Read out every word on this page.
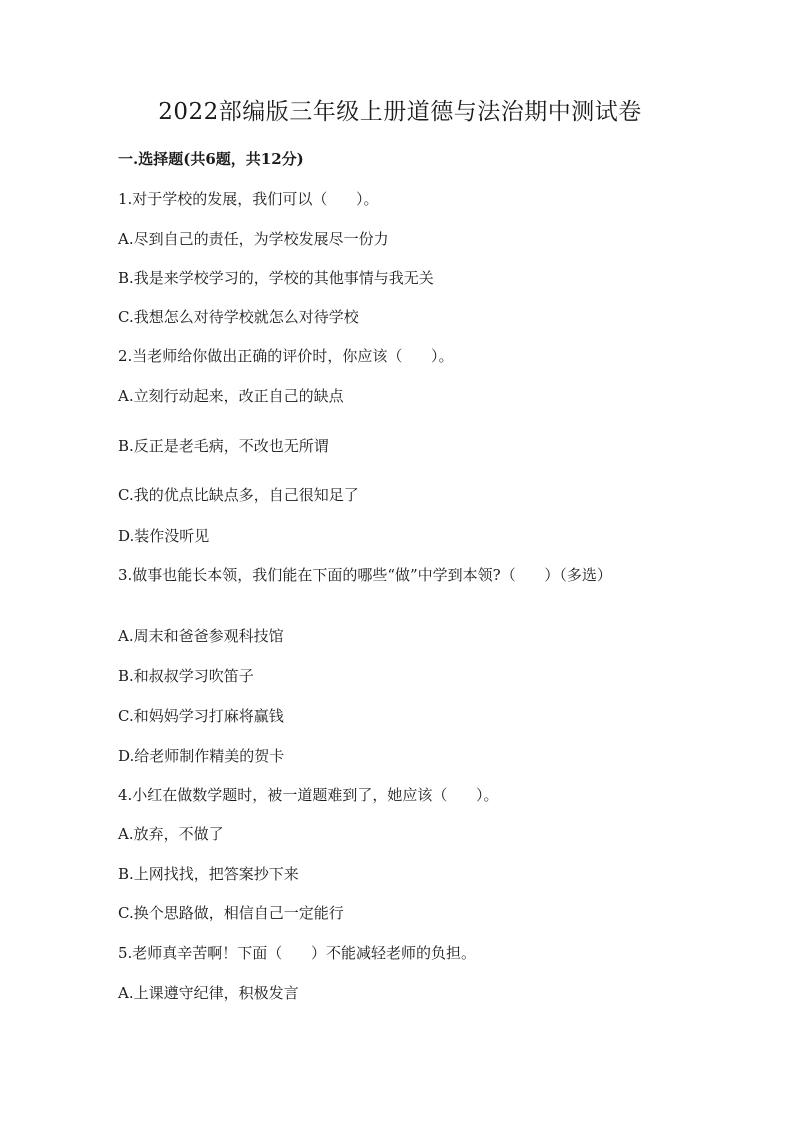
2022部编版三年级上册道德与法治期中测试卷
一.选择题(共6题，共12分)
1.对于学校的发展，我们可以（ ）。
A.尽到自己的责任，为学校发展尽一份力
B.我是来学校学习的，学校的其他事情与我无关
C.我想怎么对待学校就怎么对待学校
2.当老师给你做出正确的评价时，你应该（ ）。
A.立刻行动起来，改正自己的缺点
B.反正是老毛病，不改也无所谓
C.我的优点比缺点多，自己很知足了
D.装作没听见
3.做事也能长本领，我们能在下面的哪些“做”中学到本领?（ ）（多选）
A.周末和爸爸参观科技馆
B.和叔叔学习吹笛子
C.和妈妈学习打麻将赢钱
D.给老师制作精美的贺卡
4.小红在做数学题时，被一道题难到了，她应该（ ）。
A.放弃，不做了
B.上网找找，把答案抄下来
C.换个思路做，相信自己一定能行
5.老师真辛苦啊！下面（ ）不能减轻老师的负担。
A.上课遵守纪律，积极发言
